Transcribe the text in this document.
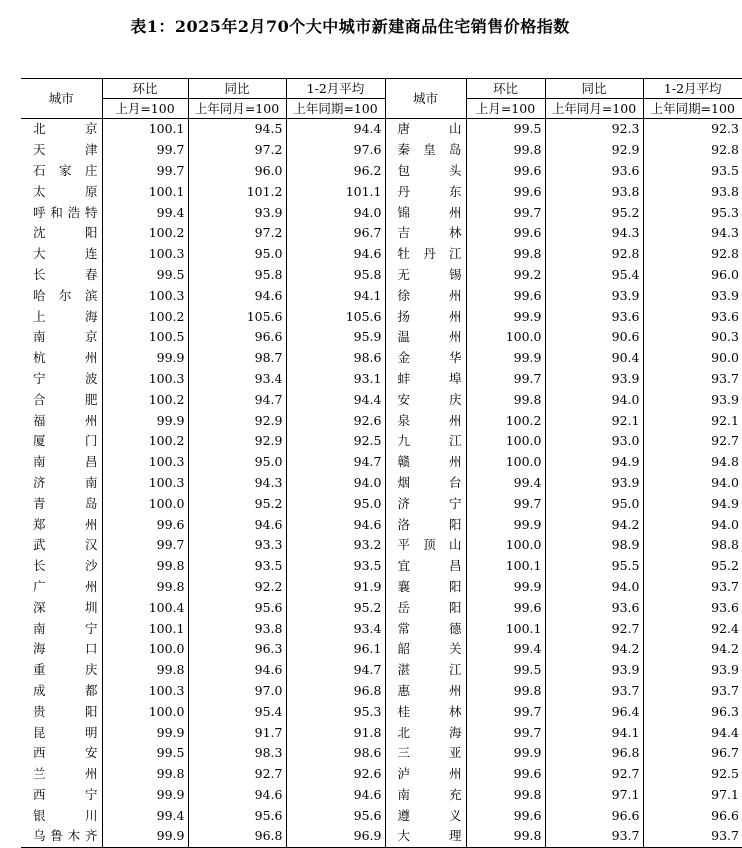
表1：2025年2月70个大中城市新建商品住宅销售价格指数
城市	环比	同比	1-2月平均	城市	环比	同比	1-2月平均
	上月=100	上年同月=100	上年同期=100		上月=100	上年同月=100	上年同期=100
北京	100.1	94.5	94.4	唐山	99.5	92.3	92.3
天津	99.7	97.2	97.6	秦皇岛	99.8	92.9	92.8
石家庄	99.7	96.0	96.2	包头	99.6	93.6	93.5
太原	100.1	101.2	101.1	丹东	99.6	93.8	93.8
呼和浩特	99.4	93.9	94.0	锦州	99.7	95.2	95.3
沈阳	100.2	97.2	96.7	吉林	99.6	94.3	94.3
大连	100.3	95.0	94.6	牡丹江	99.8	92.8	92.8
长春	99.5	95.8	95.8	无锡	99.2	95.4	96.0
哈尔滨	100.3	94.6	94.1	徐州	99.6	93.9	93.9
上海	100.2	105.6	105.6	扬州	99.9	93.6	93.6
南京	100.5	96.6	95.9	温州	100.0	90.6	90.3
杭州	99.9	98.7	98.6	金华	99.9	90.4	90.0
宁波	100.3	93.4	93.1	蚌埠	99.7	93.9	93.7
合肥	100.2	94.7	94.4	安庆	99.8	94.0	93.9
福州	99.9	92.9	92.6	泉州	100.2	92.1	92.1
厦门	100.2	92.9	92.5	九江	100.0	93.0	92.7
南昌	100.3	95.0	94.7	赣州	100.0	94.9	94.8
济南	100.3	94.3	94.0	烟台	99.4	93.9	94.0
青岛	100.0	95.2	95.0	济宁	99.7	95.0	94.9
郑州	99.6	94.6	94.6	洛阳	99.9	94.2	94.0
武汉	99.7	93.3	93.2	平顶山	100.0	98.9	98.8
长沙	99.8	93.5	93.5	宜昌	100.1	95.5	95.2
广州	99.8	92.2	91.9	襄阳	99.9	94.0	93.7
深圳	100.4	95.6	95.2	岳阳	99.6	93.6	93.6
南宁	100.1	93.8	93.4	常德	100.1	92.7	92.4
海口	100.0	96.3	96.1	韶关	99.4	94.2	94.2
重庆	99.8	94.6	94.7	湛江	99.5	93.9	93.9
成都	100.3	97.0	96.8	惠州	99.8	93.7	93.7
贵阳	100.0	95.4	95.3	桂林	99.7	96.4	96.3
昆明	99.9	91.7	91.8	北海	99.7	94.1	94.4
西安	99.5	98.3	98.6	三亚	99.9	96.8	96.7
兰州	99.8	92.7	92.6	泸州	99.6	92.7	92.5
西宁	99.9	94.6	94.6	南充	99.8	97.1	97.1
银川	99.4	95.6	95.6	遵义	99.6	96.6	96.6
乌鲁木齐	99.9	96.8	96.9	大理	99.8	93.7	93.7
